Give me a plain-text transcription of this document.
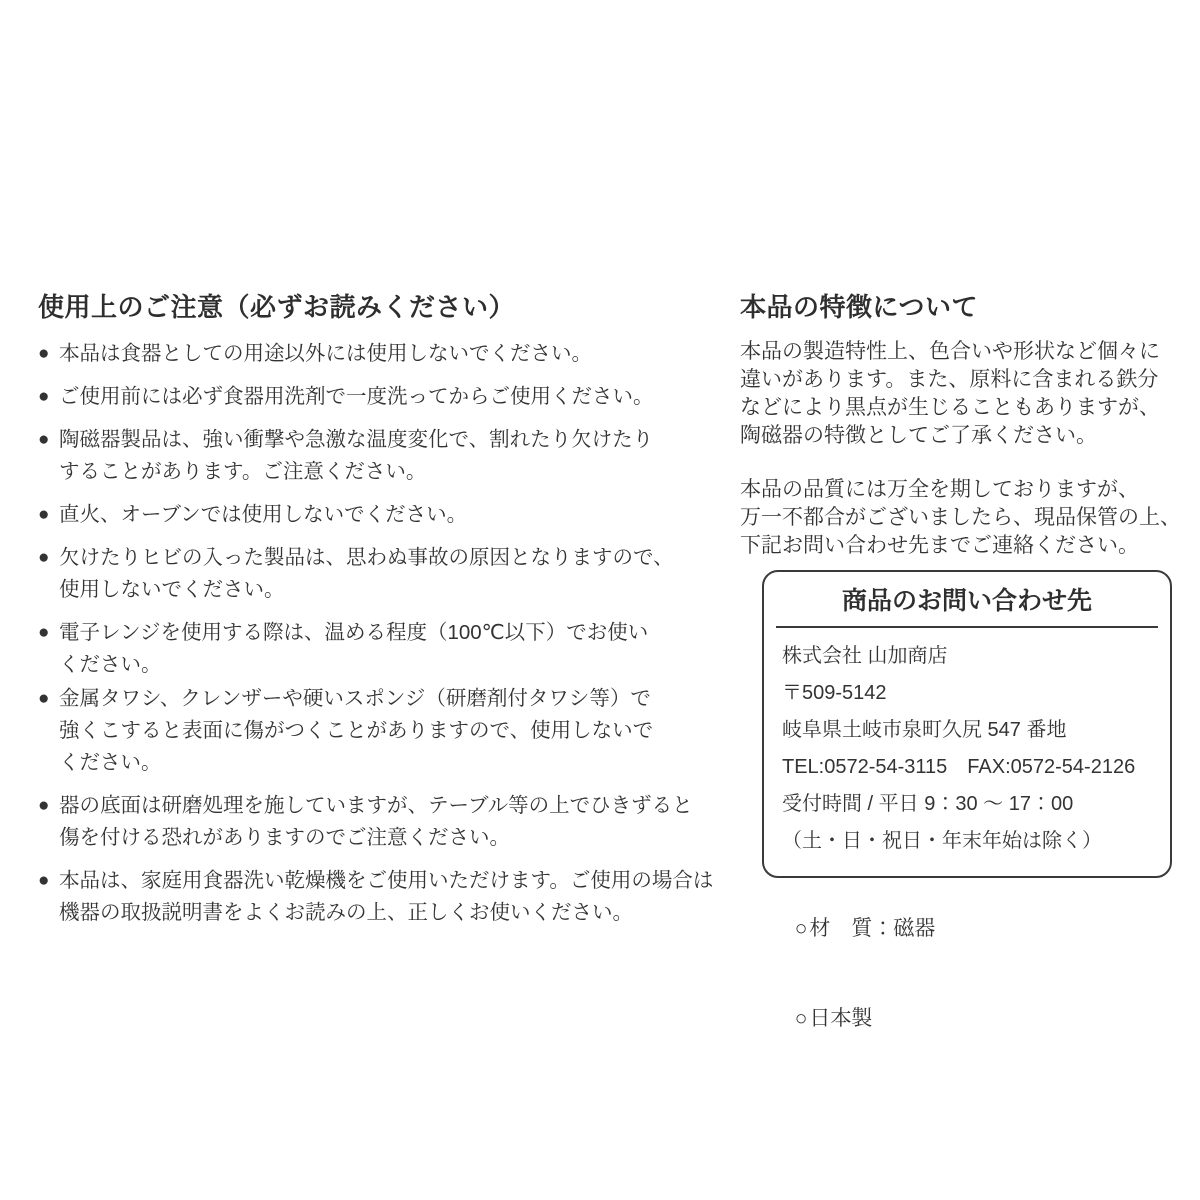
使用上のご注意（必ずお読みください）
● 本品は食器としての用途以外には使用しないでください。
● ご使用前には必ず食器用洗剤で一度洗ってからご使用ください。
● 陶磁器製品は、強い衝撃や急激な温度変化で、割れたり欠けたり
することがあります。ご注意ください。
● 直火、オーブンでは使用しないでください。
● 欠けたりヒビの入った製品は、思わぬ事故の原因となりますので、
使用しないでください。
● 電子レンジを使用する際は、温める程度（100℃以下）でお使い
ください。
● 金属タワシ、クレンザーや硬いスポンジ（研磨剤付タワシ等）で
強くこすると表面に傷がつくことがありますので、使用しないで
ください。
● 器の底面は研磨処理を施していますが、テーブル等の上でひきずると
傷を付ける恐れがありますのでご注意ください。
● 本品は、家庭用食器洗い乾燥機をご使用いただけます。ご使用の場合は
機器の取扱説明書をよくお読みの上、正しくお使いください。
本品の特徴について

本品の製造特性上、色合いや形状など個々に
違いがあります。また、原料に含まれる鉄分
などにより黒点が生じることもありますが、
陶磁器の特徴としてご了承ください。

本品の品質には万全を期しておりますが、
万一不都合がございましたら、現品保管の上、
下記お問い合わせ先までご連絡ください。

商品のお問い合わせ先
株式会社 山加商店
〒509-5142
岐阜県土岐市泉町久尻 547 番地
TEL:0572-54-3115　FAX:0572-54-2126
受付時間 / 平日 9：30 ～ 17：00
（土・日・祝日・年末年始は除く）

○材　質：磁器

○日本製
